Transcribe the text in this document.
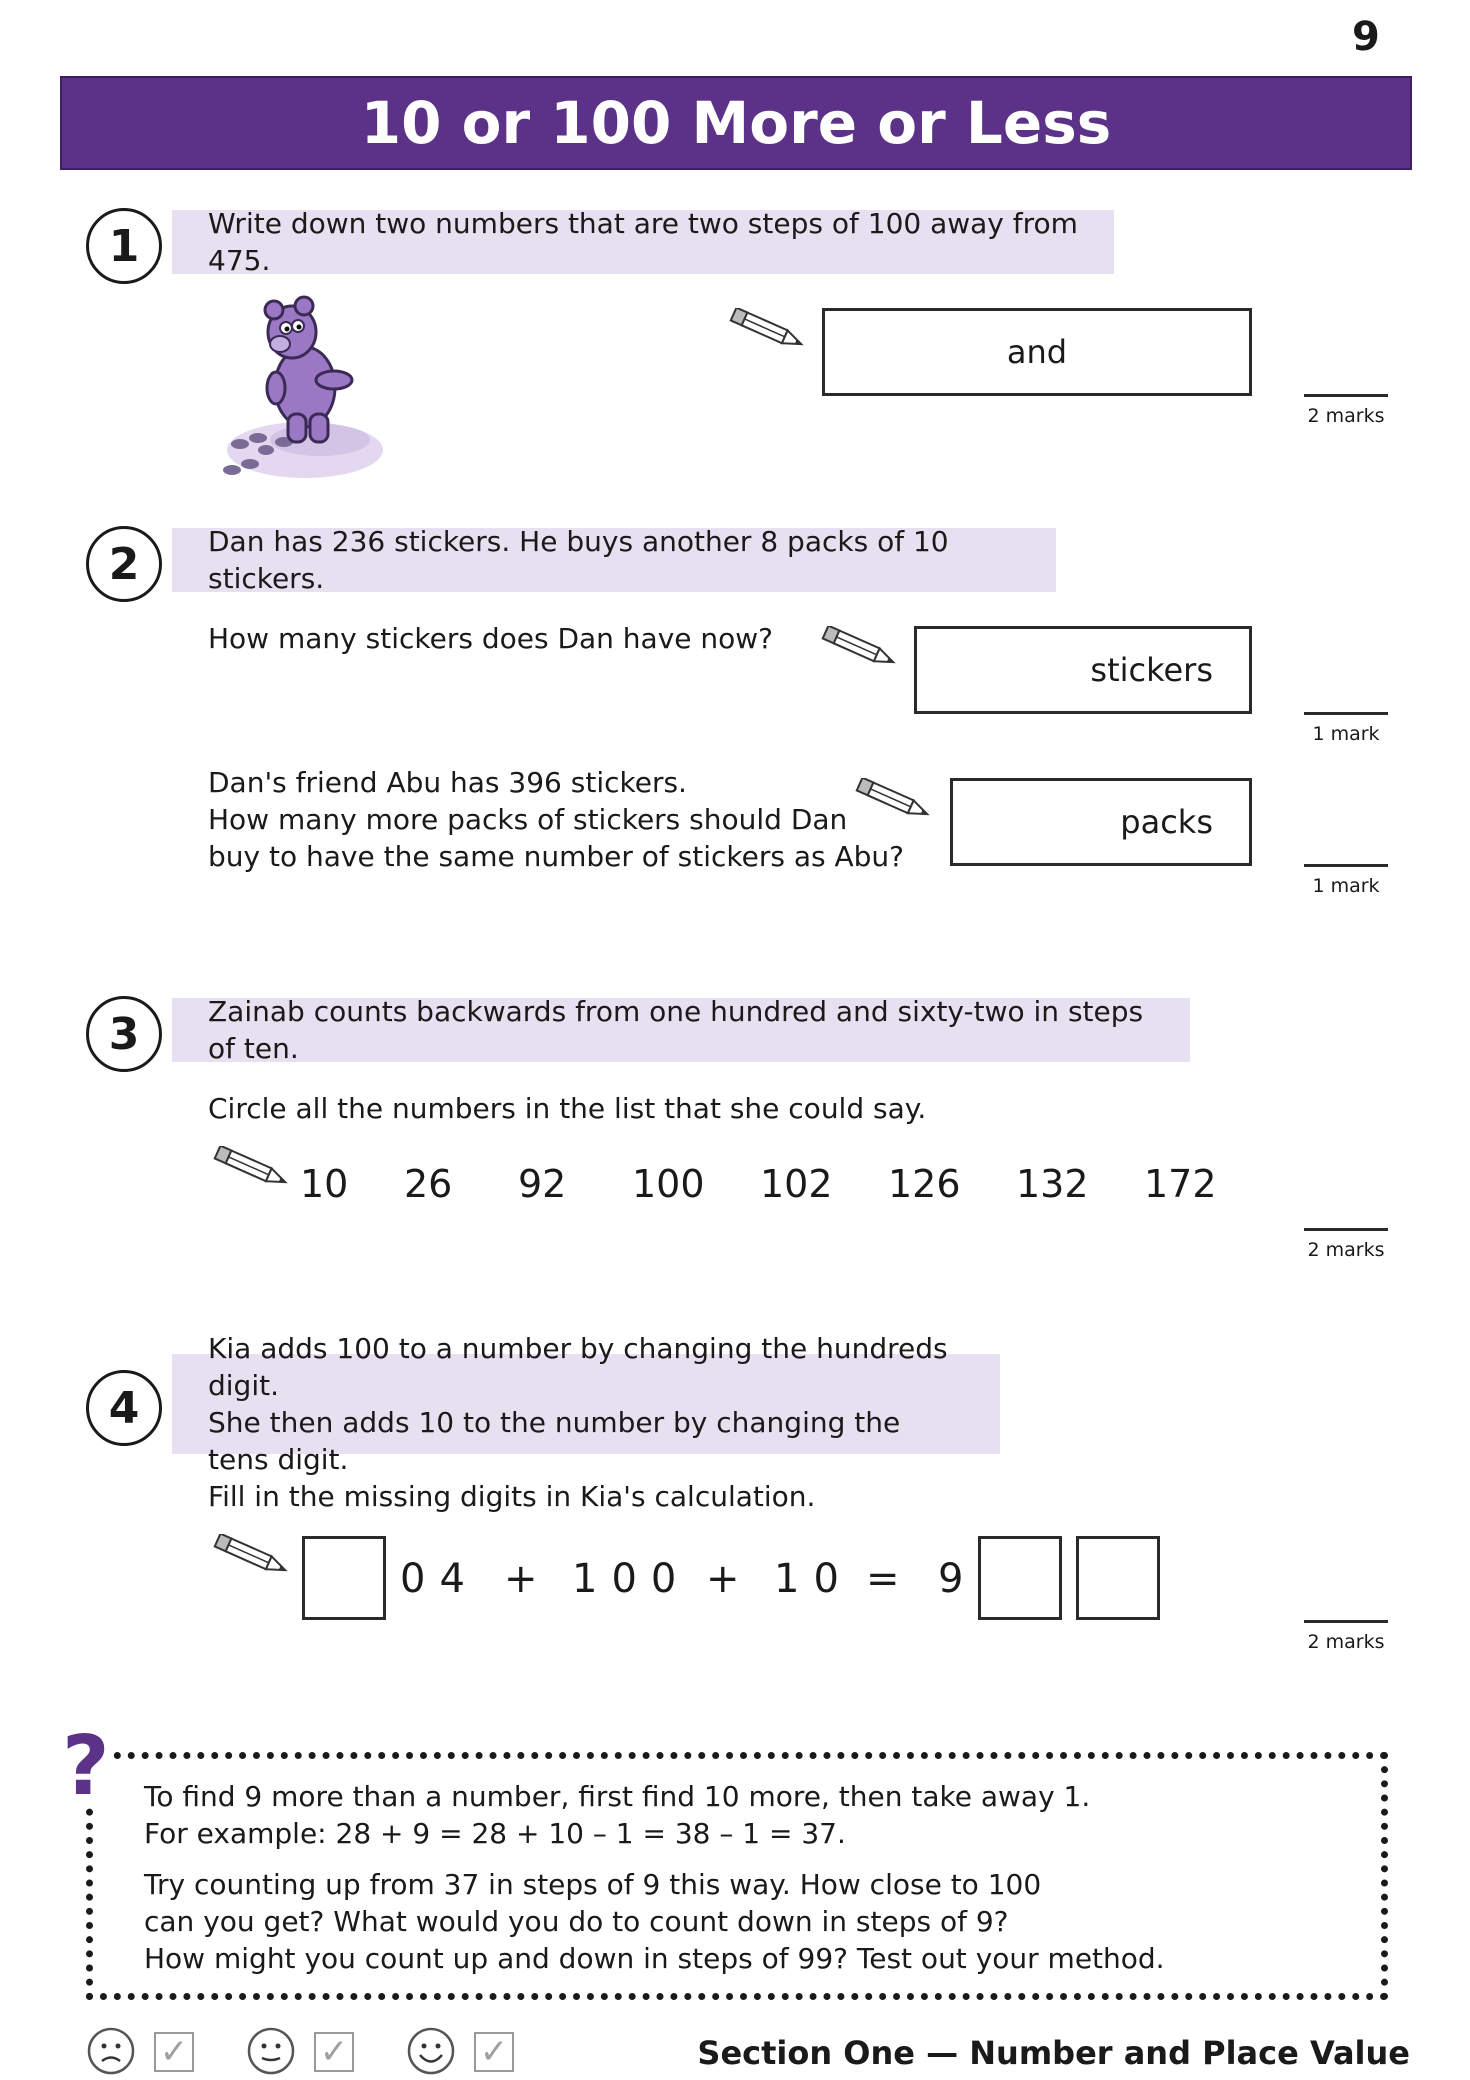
9
10 or 100 More or Less
1	Write down two numbers that are two steps of 100 away from 475.
and
2 marks
2	Dan has 236 stickers. He buys another 8 packs of 10 stickers.
How many stickers does Dan have now?
stickers
1 mark
Dan's friend Abu has 396 stickers.
How many more packs of stickers should Dan
buy to have the same number of stickers as Abu?
packs
1 mark
3	Zainab counts backwards from one hundred and sixty-two in steps of ten.
Circle all the numbers in the list that she could say.
10 26 92 100 102 126 132 172
2 marks
4
Kia adds 100 to a number by changing the hundreds digit.
She then adds 10 to the number by changing the tens digit.
Fill in the missing digits in Kia's calculation.
04 + 100 + 10 = 9
2 marks
? To find 9 more than a number, first find 10 more, then take away 1.
For example: 28 + 9 = 28 + 10 – 1 = 38 – 1 = 37.
Try counting up from 37 in steps of 9 this way. How close to 100
can you get? What would you do to count down in steps of 9?
How might you count up and down in steps of 99? Test out your method.
✓	✓	✓	Section One — Number and Place Value
